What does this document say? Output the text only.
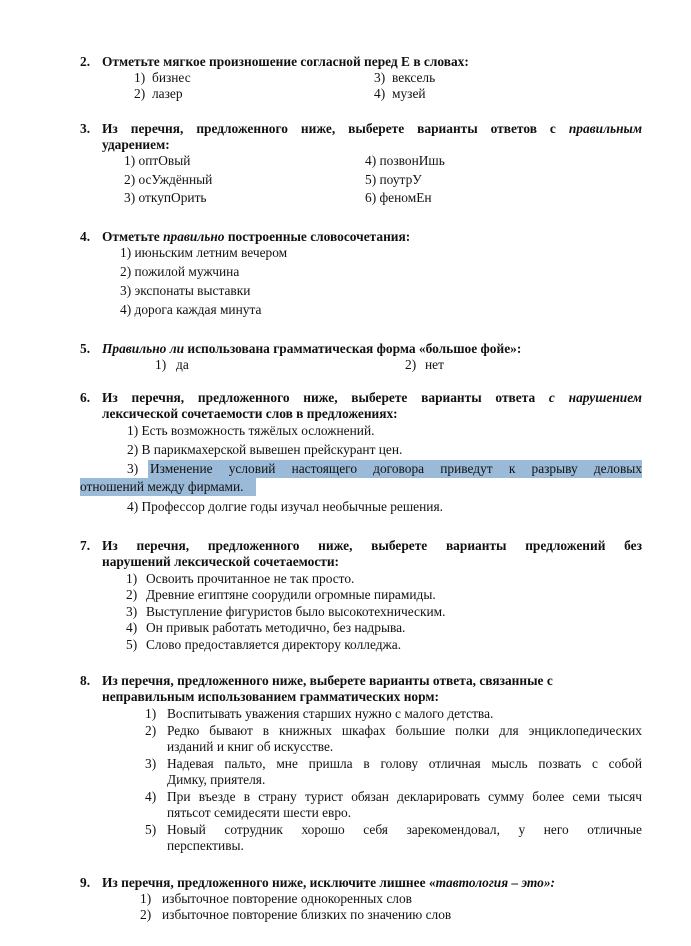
2. Отметьте мягкое произношение согласной перед Е в словах:
1) бизнес
2) лазер
3) вексель
4) музей
3. Из перечня, предложенного ниже, выберете варианты ответов с правильным
ударением:
1) оптОвый
2) осУждённый
3) откупОрить
4) позвонИшь
5) поутрУ
6) феномЕн
4. Отметьте правильно построенные словосочетания:
1) июньским летним вечером
2) пожилой мужчина
3) экспонаты выставки
4) дорога каждая минута
5. Правильно ли использована грамматическая форма «большое фойе»:
1) да	2) нет
6. Из перечня, предложенного ниже, выберете варианты ответа с нарушением
лексической сочетаемости слов в предложениях:
1) Есть возможность тяжёлых осложнений.
2) В парикмахерской вывешен прейскурант цен.
3) Изменение условий настоящего договора приведут к разрыву деловых
отношений между фирмами.
4) Профессор долгие годы изучал необычные решения.
7. Из перечня, предложенного ниже, выберете варианты предложений без
нарушений лексической сочетаемости:
1) Освоить прочитанное не так просто.
2) Древние египтяне соорудили огромные пирамиды.
3) Выступление фигуристов было высокотехническим.
4) Он привык работать методично, без надрыва.
5) Слово предоставляется директору колледжа.
8. Из перечня, предложенного ниже, выберете варианты ответа, связанные с
неправильным использованием грамматических норм:
1) Воспитывать уважения старших нужно с малого детства.
2) Редко бывают в книжных шкафах большие полки для энциклопедических
изданий и книг об искусстве.
3) Надевая пальто, мне пришла в голову отличная мысль позвать с собой
Димку, приятеля.
4) При въезде в страну турист обязан декларировать сумму более семи тысяч
пятьсот семидесяти шести евро.
5) Новый сотрудник хорошо себя зарекомендовал, у него отличные
перспективы.
9. Из перечня, предложенного ниже, исключите лишнее «тавтология – это»:
1) избыточное повторение однокоренных слов
2) избыточное повторение близких по значению слов
